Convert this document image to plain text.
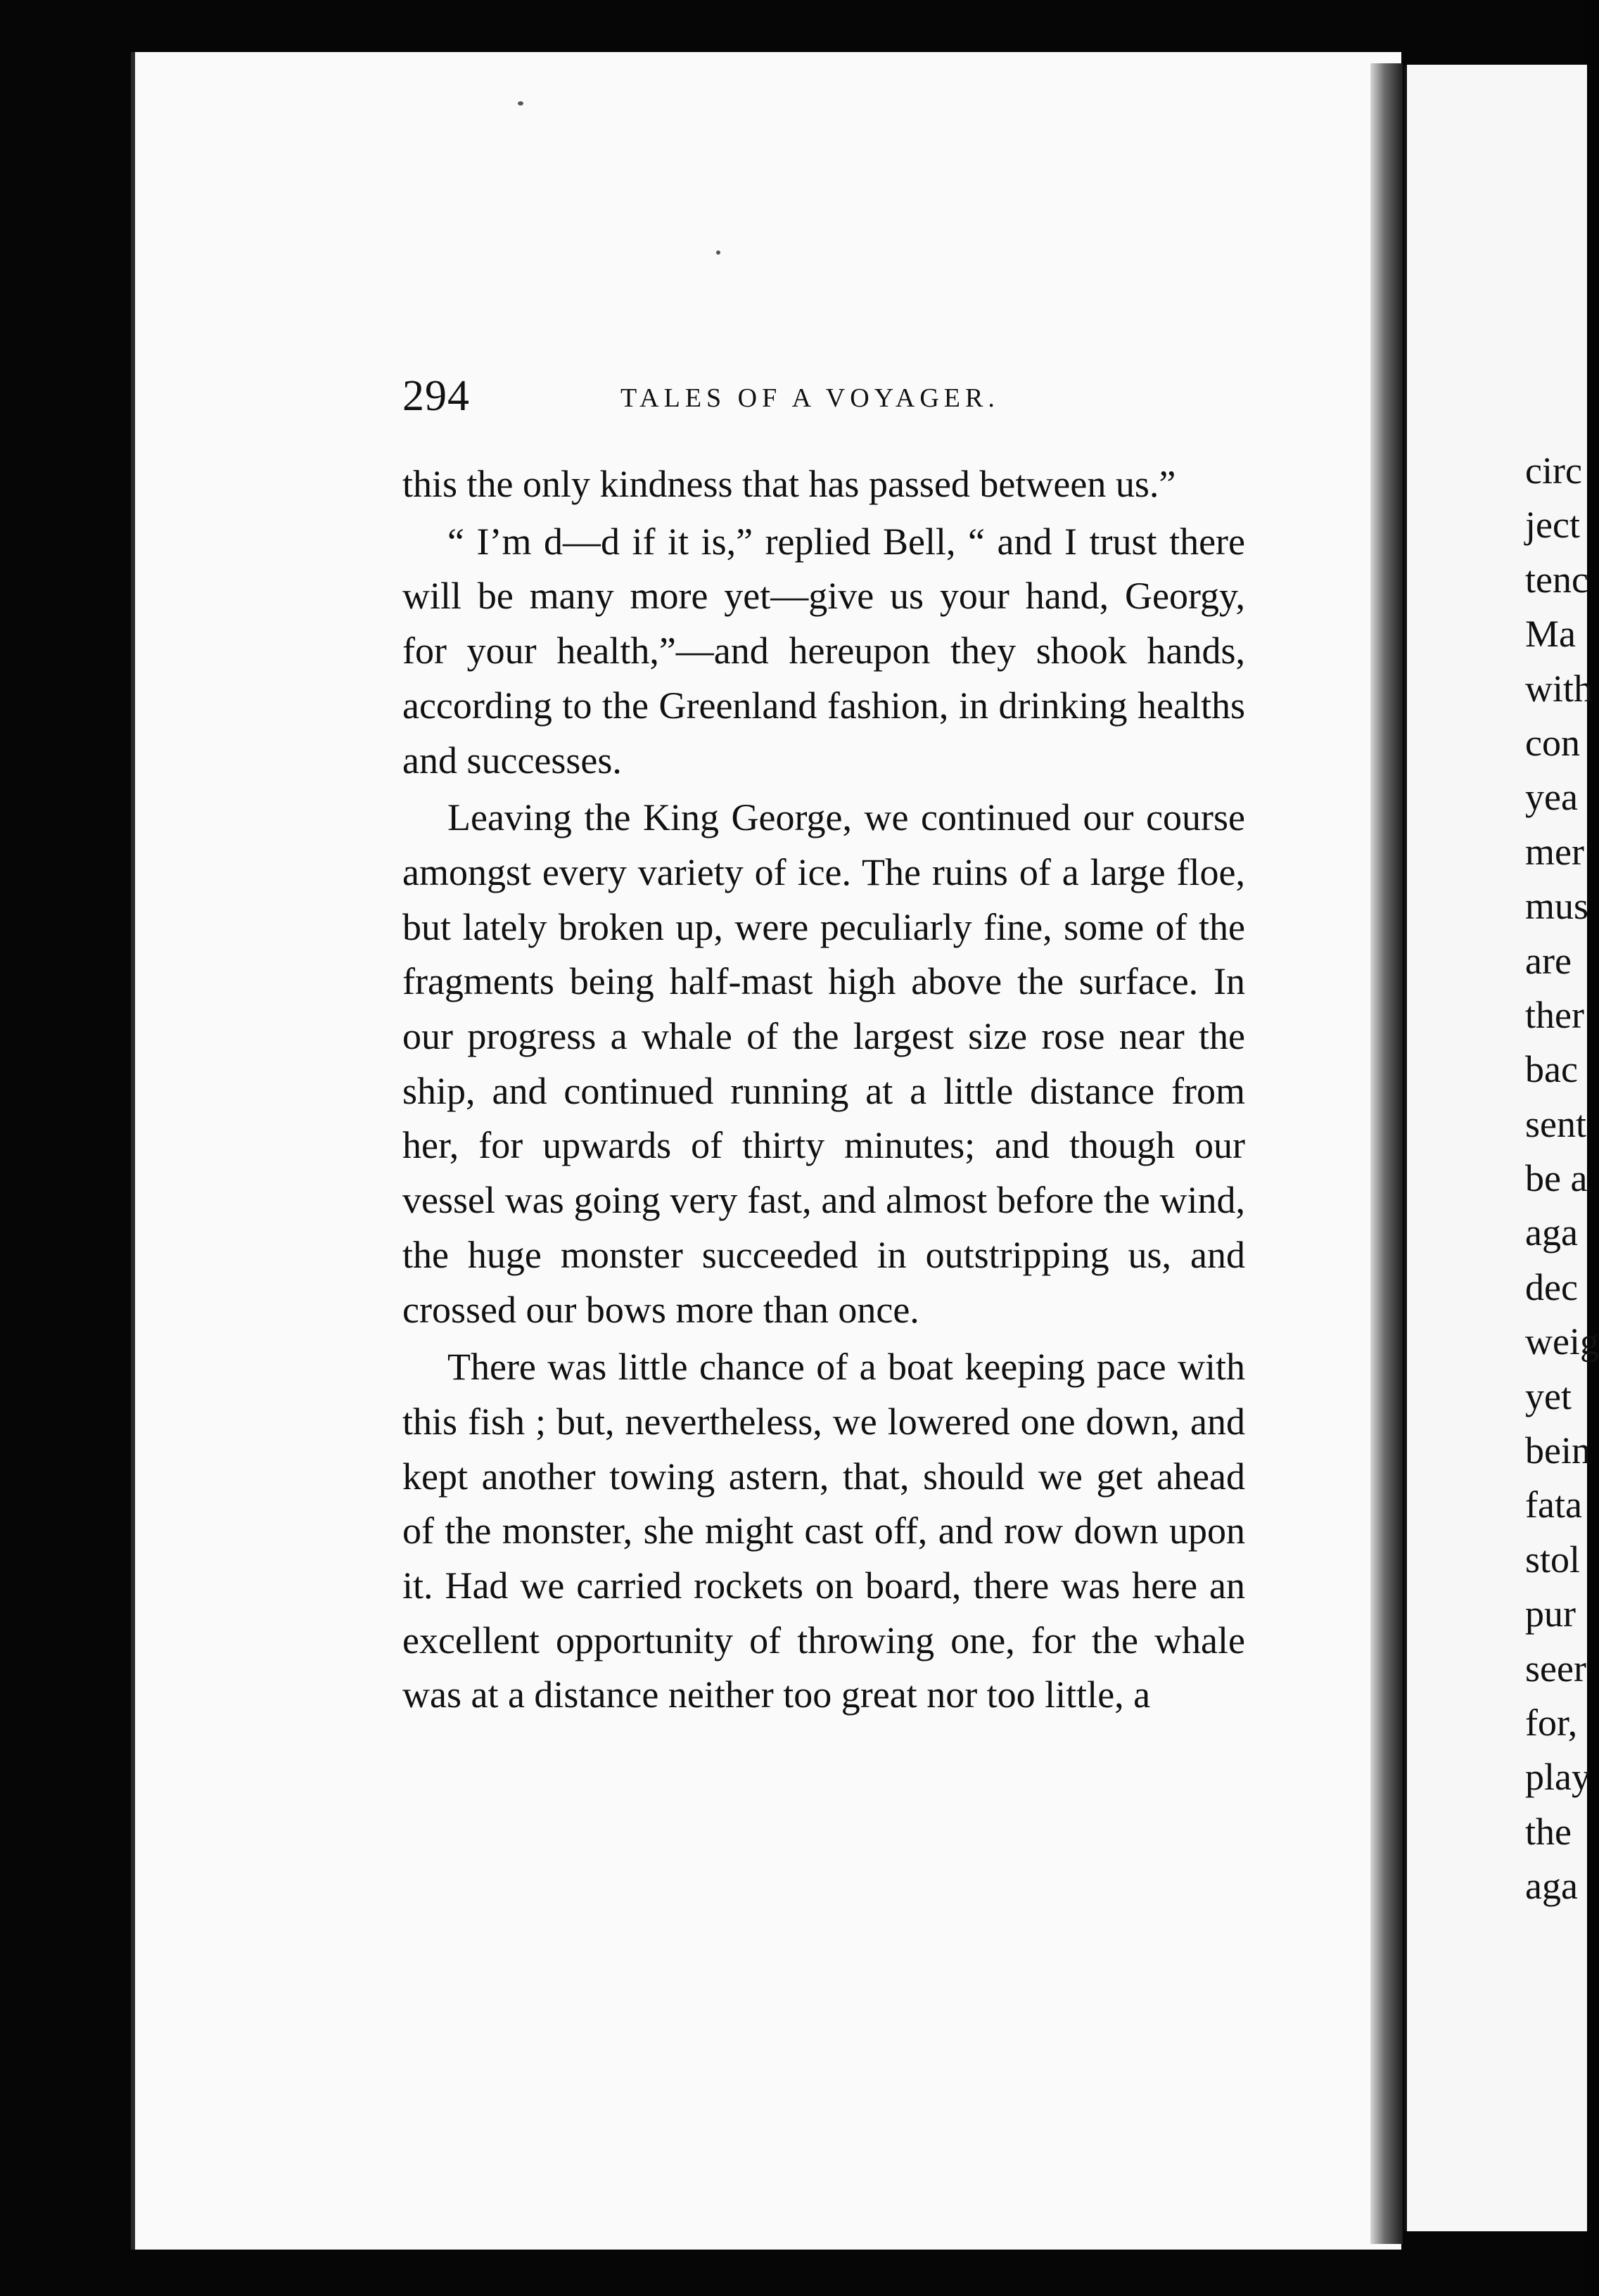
294	TALES OF A VOYAGER.

this the only kindness that has passed between us.”

“ I’m d—d if it is,” replied Bell, “ and I trust there will be many more yet—give us your hand, Georgy, for your health,”—and hereupon they shook hands, according to the Greenland fashion, in drinking healths and successes.

Leaving the King George, we continued our course amongst every variety of ice. The ruins of a large floe, but lately broken up, were peculiarly fine, some of the fragments being half-mast high above the surface. In our progress a whale of the largest size rose near the ship, and continued running at a little distance from her, for upwards of thirty minutes; and though our vessel was going very fast, and almost before the wind, the huge monster succeeded in outstripping us, and crossed our bows more than once.

There was little chance of a boat keeping pace with this fish ; but, nevertheless, we lowered one down, and kept another towing astern, that, should we get ahead of the monster, she might cast off, and row down upon it. Had we carried rockets on board, there was here an excellent opportunity of throwing one, for the whale was at a distance neither too great nor too little, a

circ
ject
tenc
Ma
with
con
yea
mer
mus
are
ther
bac
sent
be a
aga
dec
weig
yet
bein
fata
stol
pur
seer
for,
play
the
aga
